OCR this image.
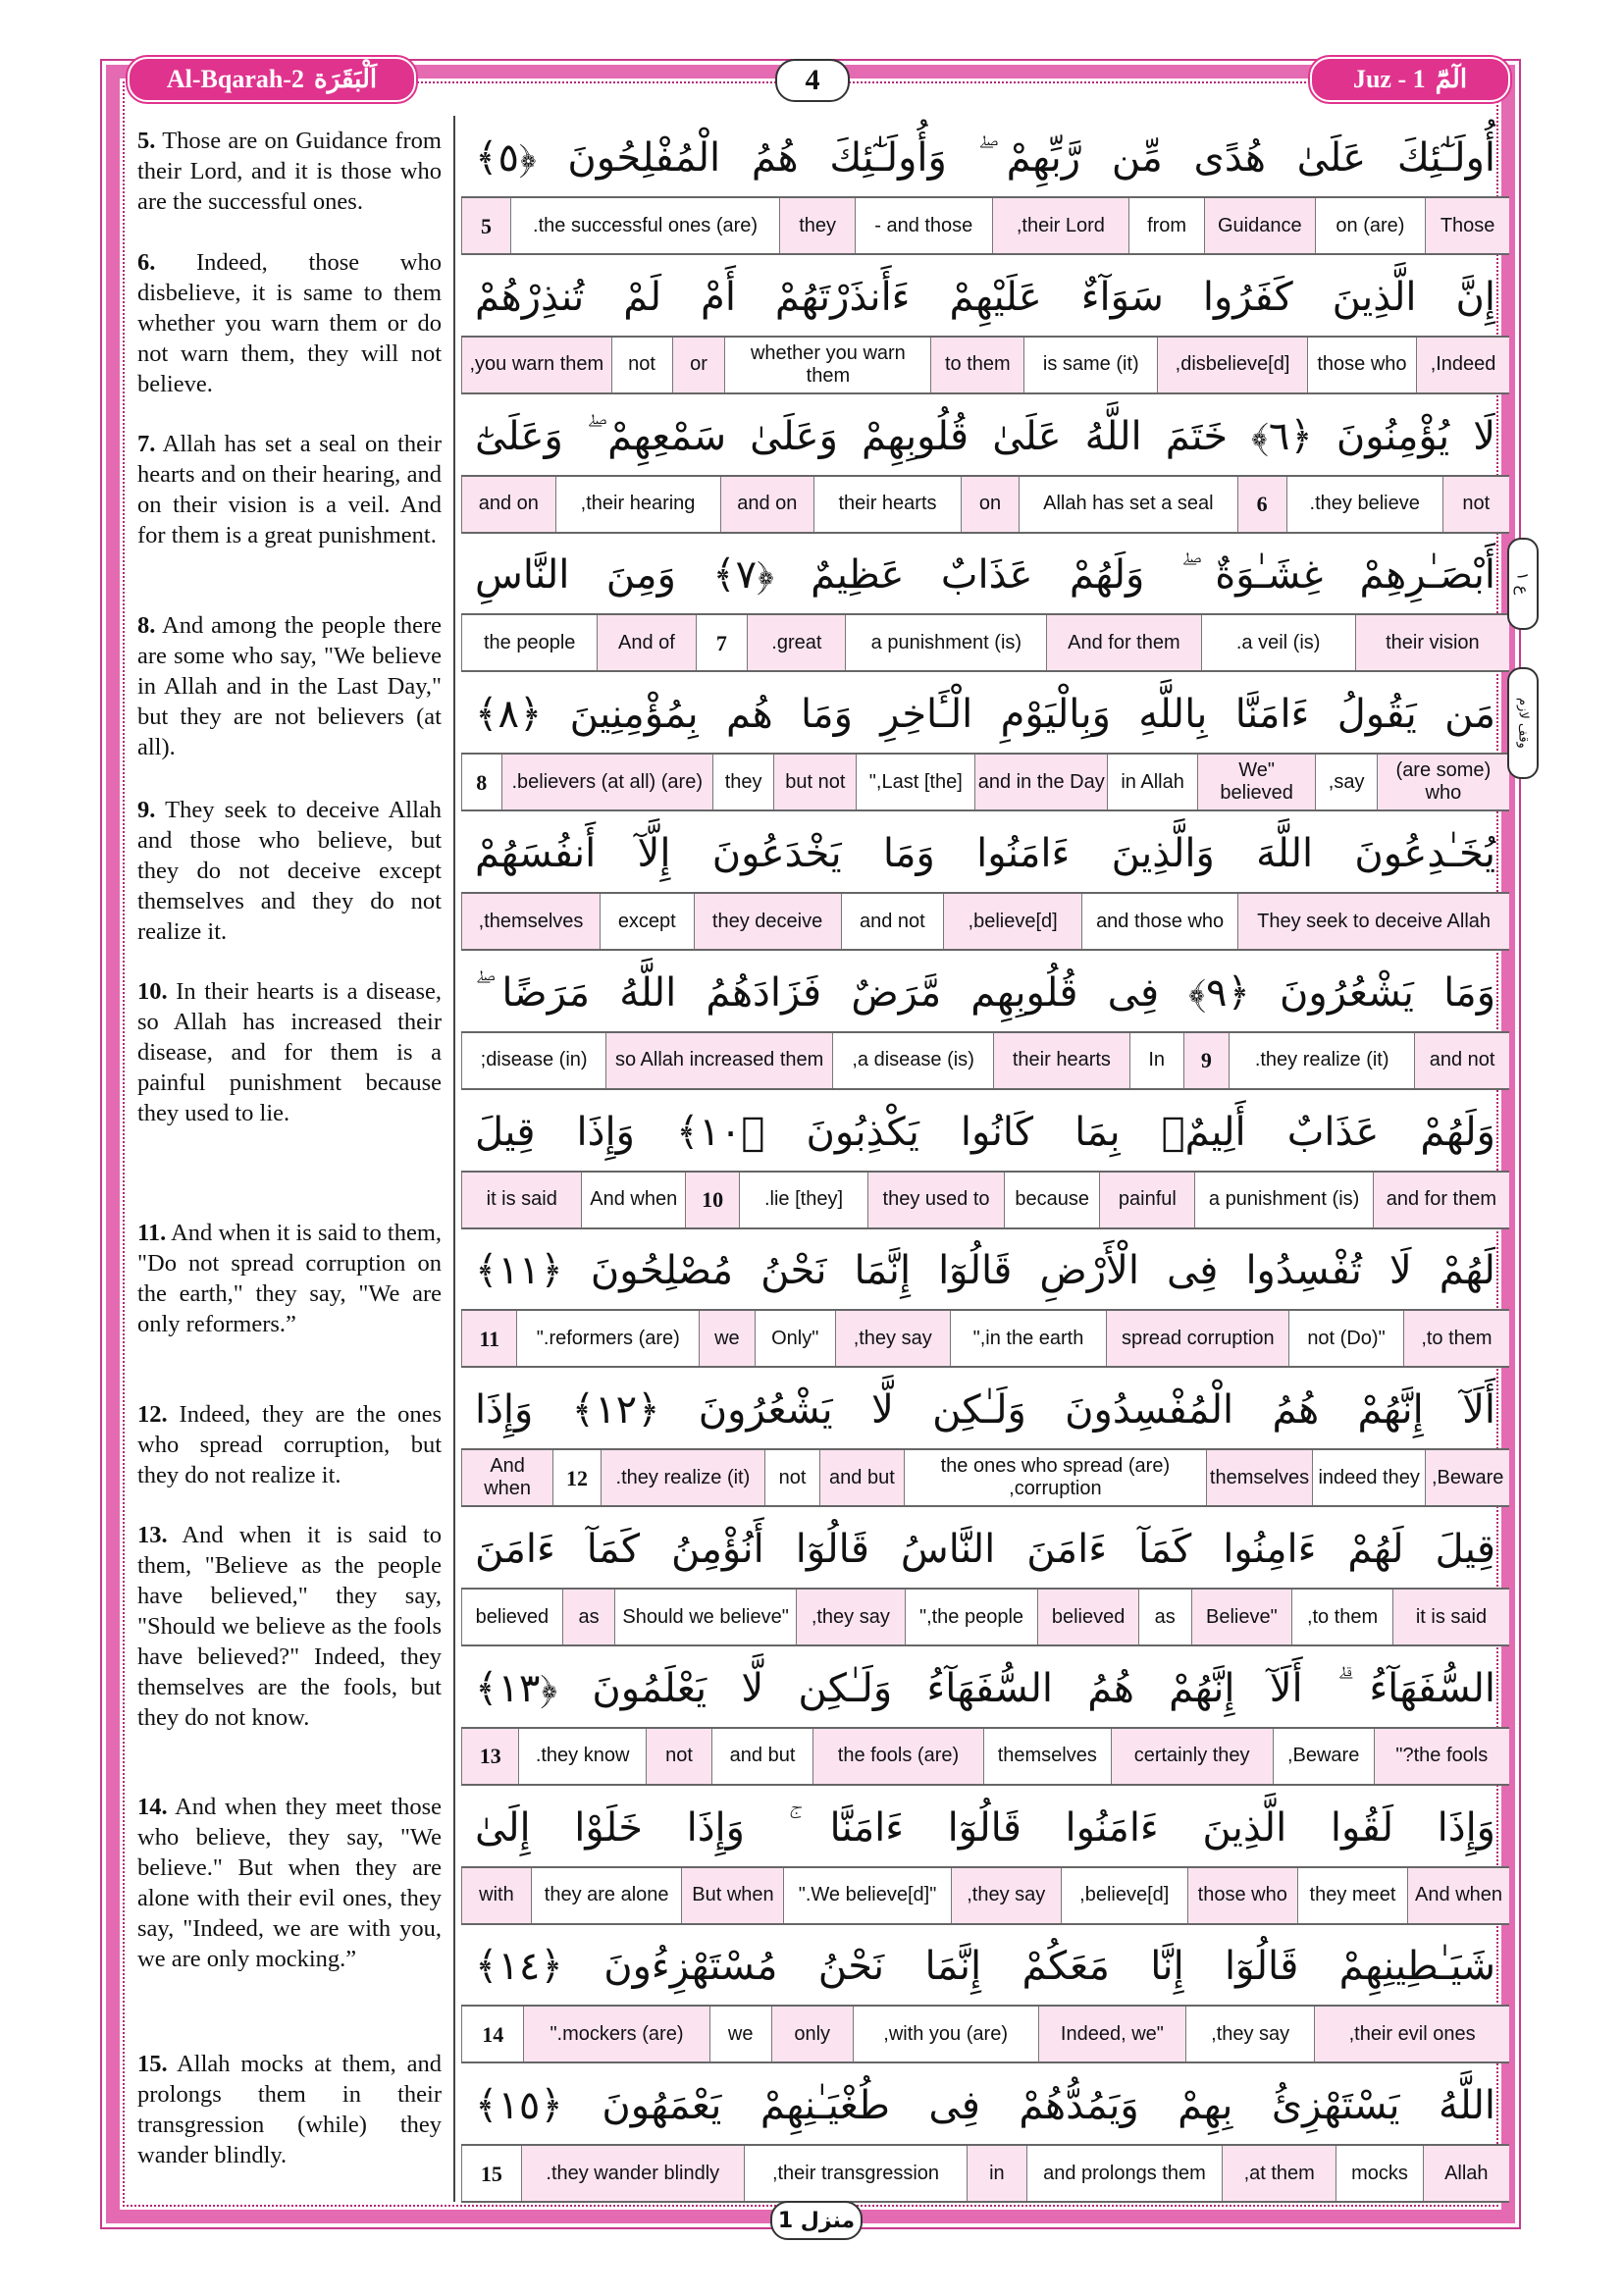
Al-Bqarah-2 اَلْبَقَرَة	4	Juz - 1 الٓمّٓ
5. Those are on Guidance from their Lord, and it is those who are the successful ones.
6. Indeed, those who disbelieve, it is same to them whether you warn them or do not warn them, they will not believe.
7. Allah has set a seal on their hearts and on their hearing, and on their vision is a veil. And for them is a great punishment.
8. And among the people there are some who say, "We believe in Allah and in the Last Day," but they are not believers (at all).
9. They seek to deceive Allah and those who believe, but they do not deceive except themselves and they do not realize it.
10. In their hearts is a disease, so Allah has increased their disease, and for them is a painful punishment because they used to lie.
11. And when it is said to them, "Do not spread corruption on the earth," they say, "We are only reformers.”
12. Indeed, they are the ones who spread corruption, but they do not realize it.
13. And when it is said to them, "Believe as the people have believed," they say, "Should we believe as the fools have believed?" Indeed, they themselves are the fools, but they do not know.
14. And when they meet those who believe, they say, "We believe." But when they are alone with their evil ones, they say, "Indeed, we are with you, we are only mocking.”
15. Allah mocks at them, and prolongs them in their transgression (while) they wander blindly.
أُولَـٰٓئِكَ عَلَىٰ هُدًى مِّن رَّبِّهِمْ ۖ وَأُولَـٰٓئِكَ هُمُ الْمُفْلِحُونَ ﴿٥﴾
Those
(are) on
Guidance
from
their Lord,
and those -
they
(are) the successful ones.
5
إِنَّ الَّذِينَ كَفَرُوا سَوَآءٌ عَلَيْهِمْ ءَأَنذَرْتَهُمْ أَمْ لَمْ تُنذِرْهُمْ
Indeed,
those who
disbelieve[d],
(it) is same
to them
whether you warn them
or
not
you warn them,
لَا يُؤْمِنُونَ ﴿٦﴾ خَتَمَ اللَّهُ عَلَىٰ قُلُوبِهِمْ وَعَلَىٰ سَمْعِهِمْ ۖ وَعَلَىٰٓ
not
they believe.
6
Allah has set a seal
on
their hearts
and on
their hearing,
and on
أَبْصَـٰرِهِمْ غِشَـٰوَةٌ ۖ وَلَهُمْ عَذَابٌ عَظِيمٌ ﴿٧﴾ وَمِنَ النَّاسِ
their vision
(is) a veil.
And for them
(is) a punishment
great.
7
And of
the people
مَن يَقُولُ ءَامَنَّا بِاللَّهِ وَبِالْيَوْمِ الْـَٔاخِرِ وَمَا هُم بِمُؤْمِنِينَ ﴿٨﴾
(are some) who
say,
"We believed
in Allah
and in the Day
[the] Last,"
but not
they
(are) believers (at all).
8
يُخَـٰدِعُونَ اللَّهَ وَالَّذِينَ ءَامَنُوا وَمَا يَخْدَعُونَ إِلَّآ أَنفُسَهُمْ
They seek to deceive Allah
and those who
believe[d],
and not
they deceive
except
themselves,
وَمَا يَشْعُرُونَ ﴿٩﴾ فِى قُلُوبِهِم مَّرَضٌ فَزَادَهُمُ اللَّهُ مَرَضًا ۖ
and not
they realize (it).
9
In
their hearts
(is) a disease,
so Allah increased them
(in) disease;
وَلَهُمْ عَذَابٌ أَلِيمٌۢ بِمَا كَانُوا يَكْذِبُونَ ﴿١٠﴾ وَإِذَا قِيلَ
and for them
(is) a punishment
painful
because
they used to
[they] lie.
10
And when
it is said
لَهُمْ لَا تُفْسِدُوا فِى الْأَرْضِ قَالُوٓا إِنَّمَا نَحْنُ مُصْلِحُونَ ﴿١١﴾
to them,
"(Do) not
spread corruption
in the earth,"
they say,
"Only
we
(are) reformers."
11
أَلَآ إِنَّهُمْ هُمُ الْمُفْسِدُونَ وَلَـٰكِن لَّا يَشْعُرُونَ ﴿١٢﴾ وَإِذَا
Beware,
indeed they
themselves
(are) the ones who spread corruption,
and but
not
they realize (it).
12
And when
قِيلَ لَهُمْ ءَامِنُوا كَمَآ ءَامَنَ النَّاسُ قَالُوٓا أَنُؤْمِنُ كَمَآ ءَامَنَ
it is said
to them,
"Believe
as
believed
the people,"
they say,
"Should we believe
as
believed
السُّفَهَآءُ ۗ أَلَآ إِنَّهُمْ هُمُ السُّفَهَآءُ وَلَـٰكِن لَّا يَعْلَمُونَ ﴿١٣﴾
the fools?"
Beware,
certainly they
themselves
(are) the fools
and but
not
they know.
13
وَإِذَا لَقُوا الَّذِينَ ءَامَنُوا قَالُوٓا ءَامَنَّا ۚ وَإِذَا خَلَوْا إِلَىٰ
And when
they meet
those who
believe[d],
they say,
"We believe[d]."
But when
they are alone
with
شَيَـٰطِينِهِمْ قَالُوٓا إِنَّا مَعَكُمْ إِنَّمَا نَحْنُ مُسْتَهْزِءُونَ ﴿١٤﴾
their evil ones,
they say,
"Indeed, we
(are) with you,
only
we
(are) mockers."
14
اللَّهُ يَسْتَهْزِئُ بِهِمْ وَيَمُدُّهُمْ فِى طُغْيَـٰنِهِمْ يَعْمَهُونَ ﴿١٥﴾
Allah
mocks
at them,
and prolongs them
in
their transgression,
they wander blindly.
15
ع ۱
وقف لازم
منزل 1
